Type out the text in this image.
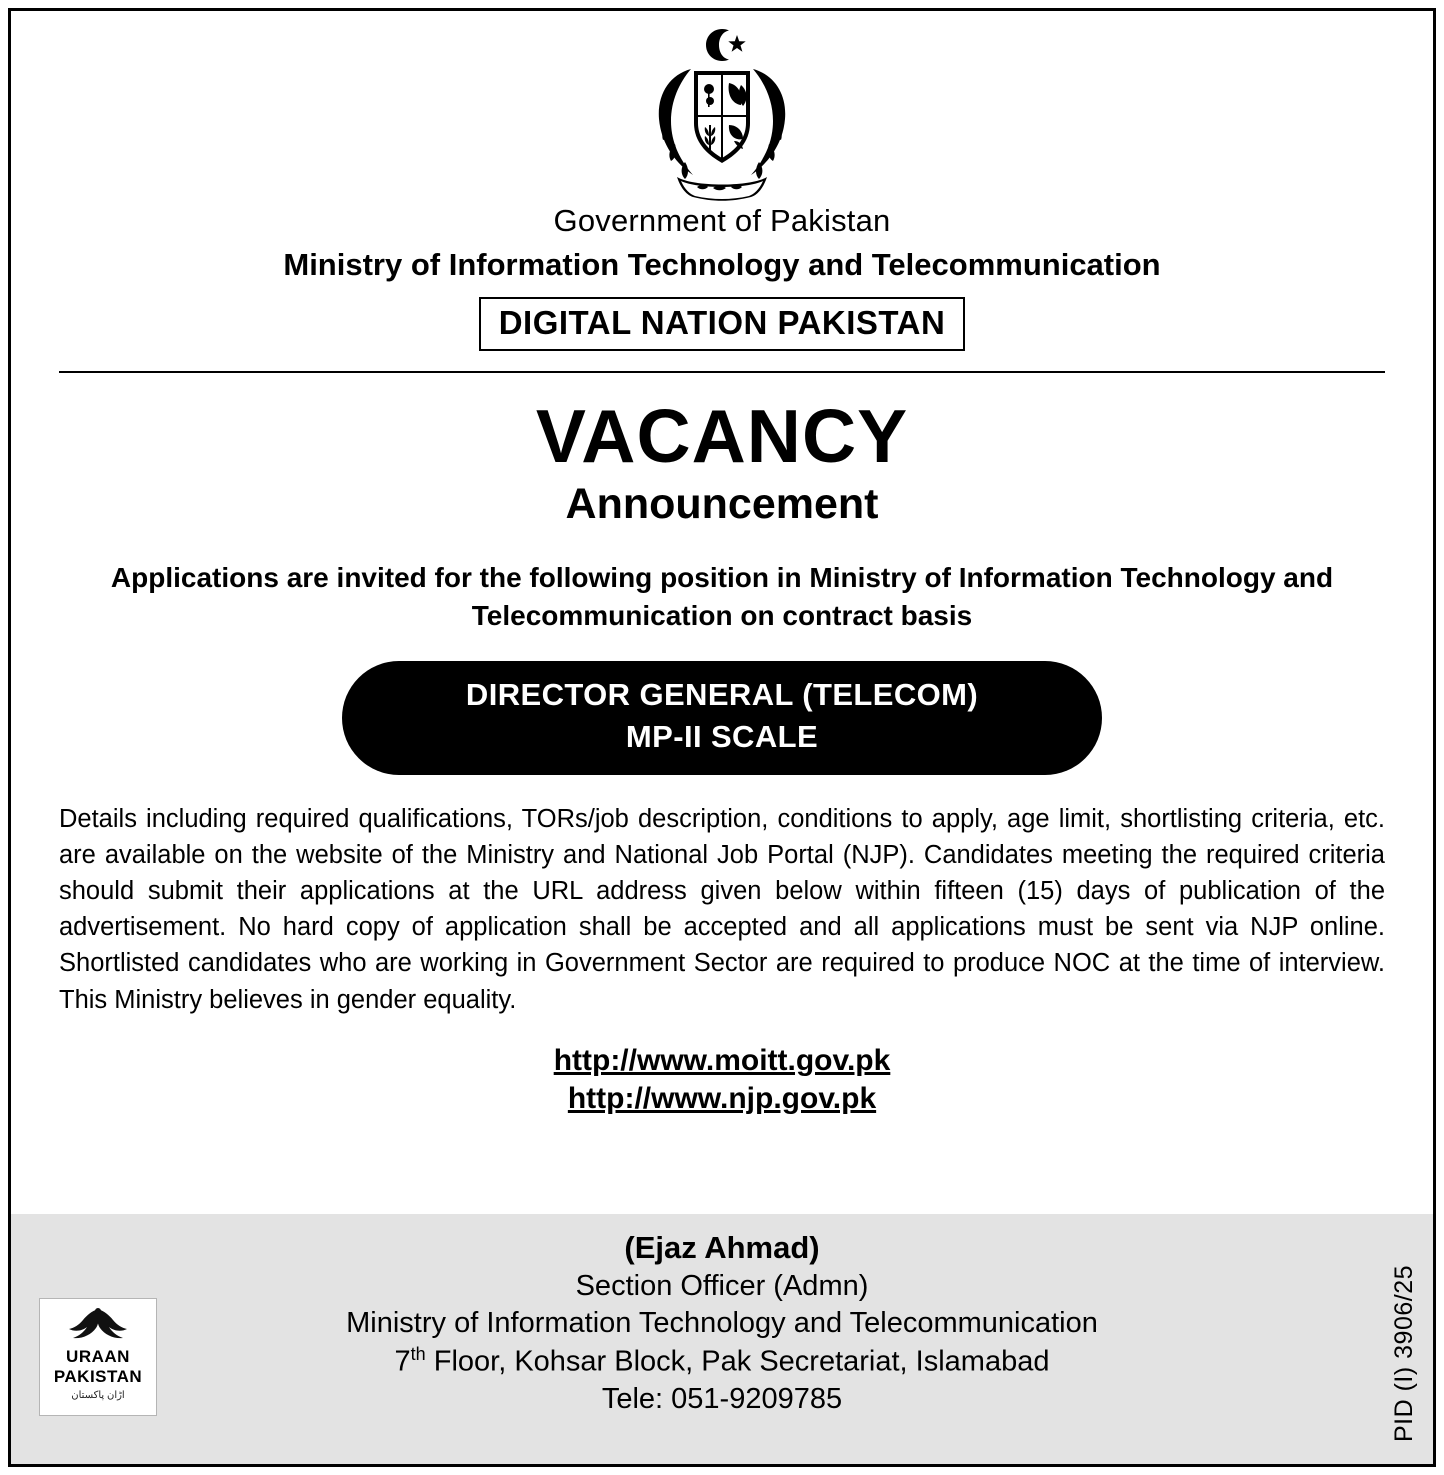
Government of Pakistan
Ministry of Information Technology and Telecommunication
DIGITAL NATION PAKISTAN
VACANCY
Announcement
Applications are invited for the following position in Ministry of Information Technology and Telecommunication on contract basis
DIRECTOR GENERAL (TELECOM)
MP-II SCALE
Details including required qualifications, TORs/job description, conditions to apply, age limit, shortlisting criteria, etc. are available on the website of the Ministry and National Job Portal (NJP). Candidates meeting the required criteria should submit their applications at the URL address given below within fifteen (15) days of publication of the advertisement. No hard copy of application shall be accepted and all applications must be sent via NJP online. Shortlisted candidates who are working in Government Sector are required to produce NOC at the time of interview. This Ministry believes in gender equality.
http://www.moitt.gov.pk
http://www.njp.gov.pk
URAAN
PAKISTAN
اڑان پاکستان
(Ejaz Ahmad)
Section Officer (Admn)
Ministry of Information Technology and Telecommunication
7th Floor, Kohsar Block, Pak Secretariat, Islamabad
Tele: 051-9209785	PID (I) 3906/25
